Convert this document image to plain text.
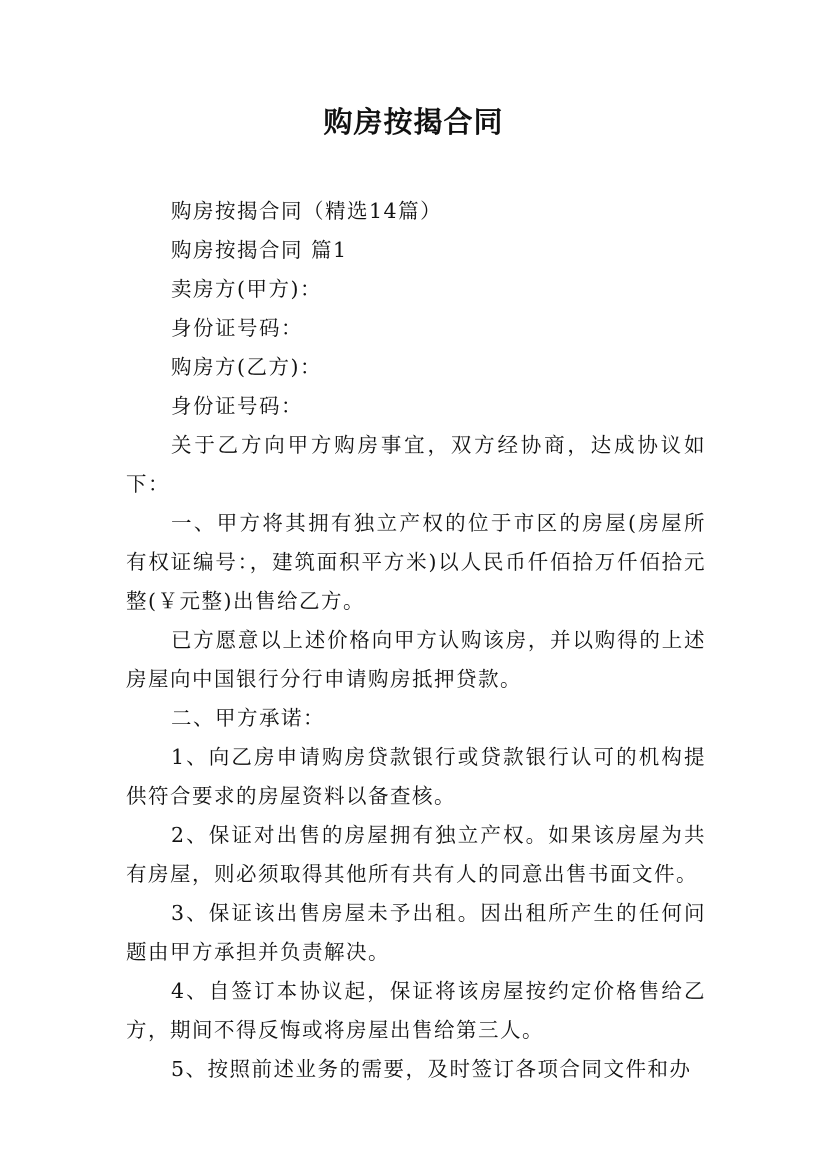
购房按揭合同

购房按揭合同（精选14篇）

购房按揭合同 篇1

卖房方(甲方)：

身份证号码：

购房方(乙方)：

身份证号码：

关于乙方向甲方购房事宜，双方经协商，达成协议如下：

一、甲方将其拥有独立产权的位于市区的房屋(房屋所有权证编号：，建筑面积平方米)以人民币仟佰拾万仟佰拾元整(￥元整)出售给乙方。

已方愿意以上述价格向甲方认购该房，并以购得的上述房屋向中国银行分行申请购房抵押贷款。

二、甲方承诺：

1、向乙房申请购房贷款银行或贷款银行认可的机构提供符合要求的房屋资料以备查核。

2、保证对出售的房屋拥有独立产权。如果该房屋为共有房屋，则必须取得其他所有共有人的同意出售书面文件。

3、保证该出售房屋未予出租。因出租所产生的任何问题由甲方承担并负责解决。

4、自签订本协议起，保证将该房屋按约定价格售给乙方，期间不得反悔或将房屋出售给第三人。

5、按照前述业务的需要，及时签订各项合同文件和办
